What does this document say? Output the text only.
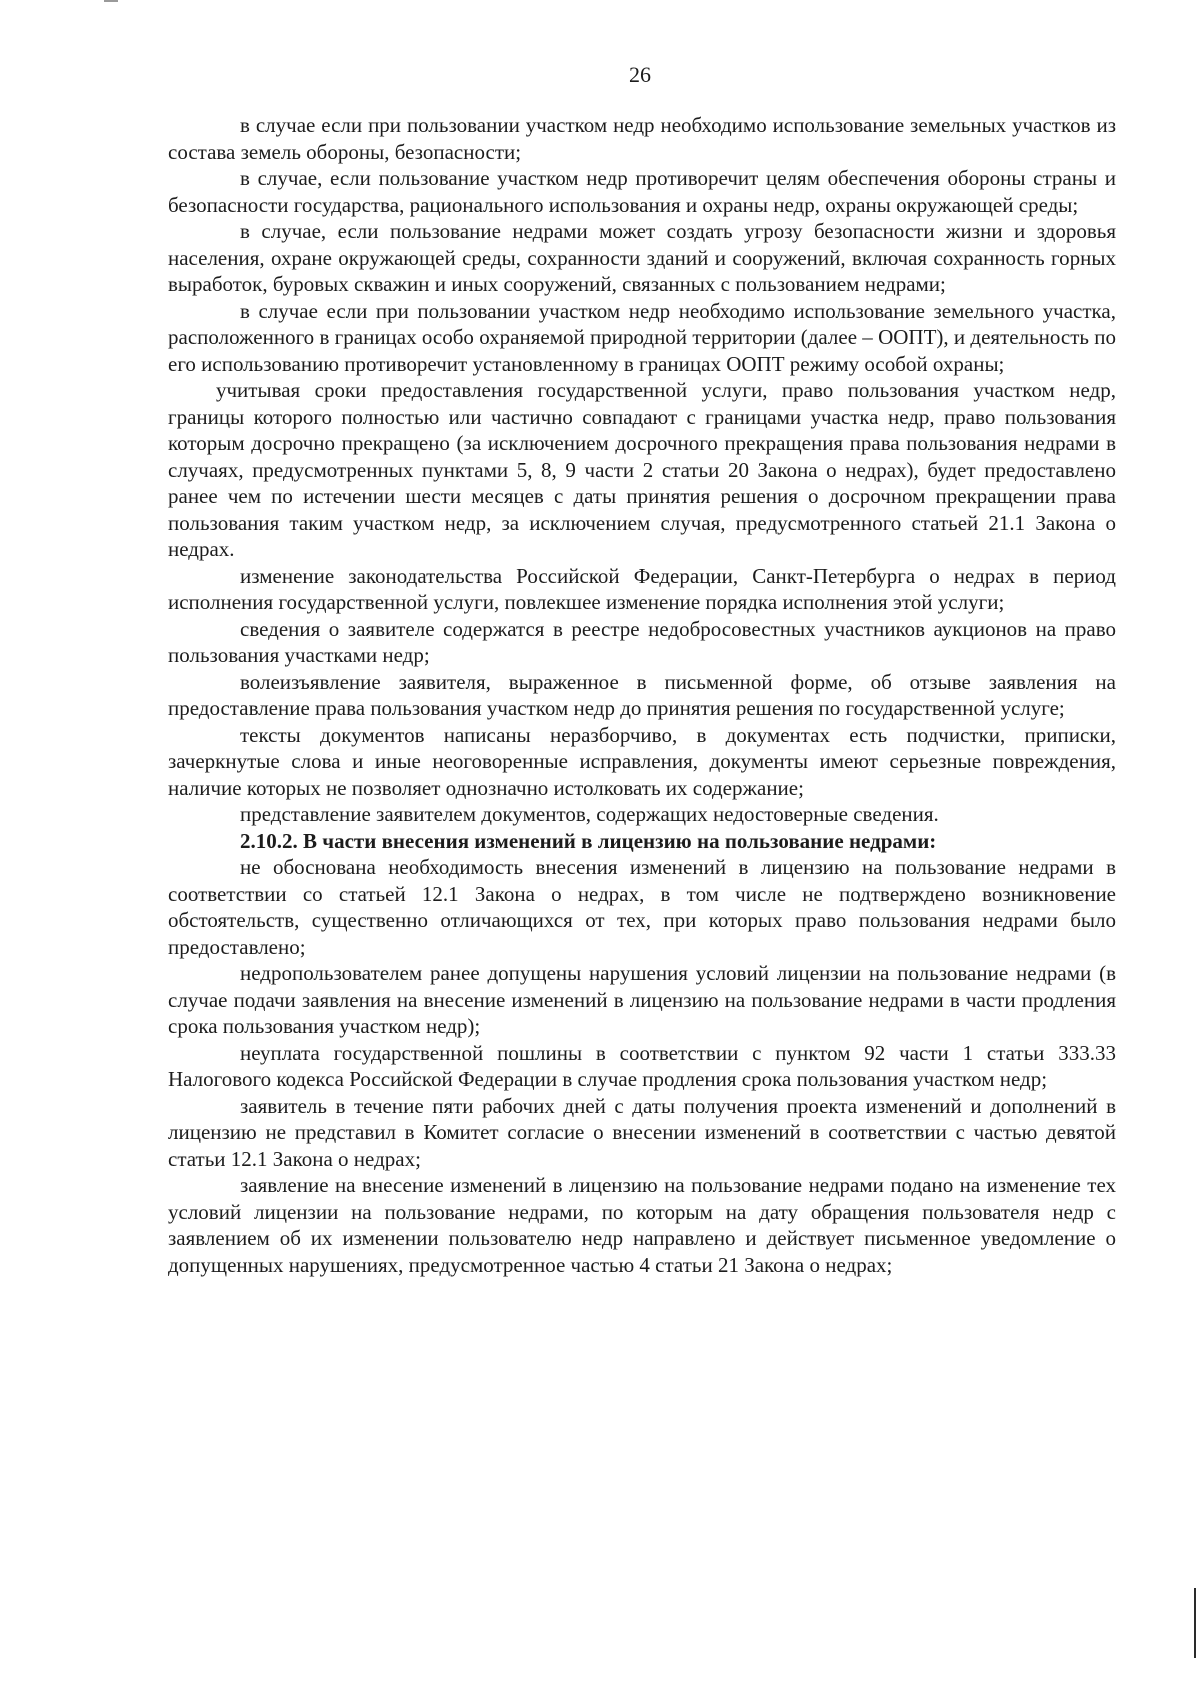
26

в случае если при пользовании участком недр необходимо использование земельных участков из состава земель обороны, безопасности;

в случае, если пользование участком недр противоречит целям обеспечения обороны страны и безопасности государства, рационального использования и охраны недр, охраны окружающей среды;

в случае, если пользование недрами может создать угрозу безопасности жизни и здоровья населения, охране окружающей среды, сохранности зданий и сооружений, включая сохранность горных выработок, буровых скважин и иных сооружений, связанных с пользованием недрами;

в случае если при пользовании участком недр необходимо использование земельного участка, расположенного в границах особо охраняемой природной территории (далее – ООПТ), и деятельность по его использованию противоречит установленному в границах ООПТ режиму особой охраны;

учитывая сроки предоставления государственной услуги, право пользования участком недр, границы которого полностью или частично совпадают с границами участка недр, право пользования которым досрочно прекращено (за исключением досрочного прекращения права пользования недрами в случаях, предусмотренных пунктами 5, 8, 9 части 2 статьи 20 Закона о недрах), будет предоставлено ранее чем по истечении шести месяцев с даты принятия решения о досрочном прекращении права пользования таким участком недр, за исключением случая, предусмотренного статьей 21.1 Закона о недрах.

изменение законодательства Российской Федерации, Санкт-Петербурга о недрах в период исполнения государственной услуги, повлекшее изменение порядка исполнения этой услуги;

сведения о заявителе содержатся в реестре недобросовестных участников аукционов на право пользования участками недр;

волеизъявление заявителя, выраженное в письменной форме, об отзыве заявления на предоставление права пользования участком недр до принятия решения по государственной услуге;

тексты документов написаны неразборчиво, в документах есть подчистки, приписки, зачеркнутые слова и иные неоговоренные исправления, документы имеют серьезные повреждения, наличие которых не позволяет однозначно истолковать их содержание;

представление заявителем документов, содержащих недостоверные сведения.

2.10.2. В части внесения изменений в лицензию на пользование недрами:

не обоснована необходимость внесения изменений в лицензию на пользование недрами в соответствии со статьей 12.1 Закона о недрах, в том числе не подтверждено возникновение обстоятельств, существенно отличающихся от тех, при которых право пользования недрами было предоставлено;

недропользователем ранее допущены нарушения условий лицензии на пользование недрами (в случае подачи заявления на внесение изменений в лицензию на пользование недрами в части продления срока пользования участком недр);

неуплата государственной пошлины в соответствии с пунктом 92 части 1 статьи 333.33 Налогового кодекса Российской Федерации в случае продления срока пользования участком недр;

заявитель в течение пяти рабочих дней с даты получения проекта изменений и дополнений в лицензию не представил в Комитет согласие о внесении изменений в соответствии с частью девятой статьи 12.1 Закона о недрах;

заявление на внесение изменений в лицензию на пользование недрами подано на изменение тех условий лицензии на пользование недрами, по которым на дату обращения пользователя недр с заявлением об их изменении пользователю недр направлено и действует письменное уведомление о допущенных нарушениях, предусмотренное частью 4 статьи 21 Закона о недрах;
